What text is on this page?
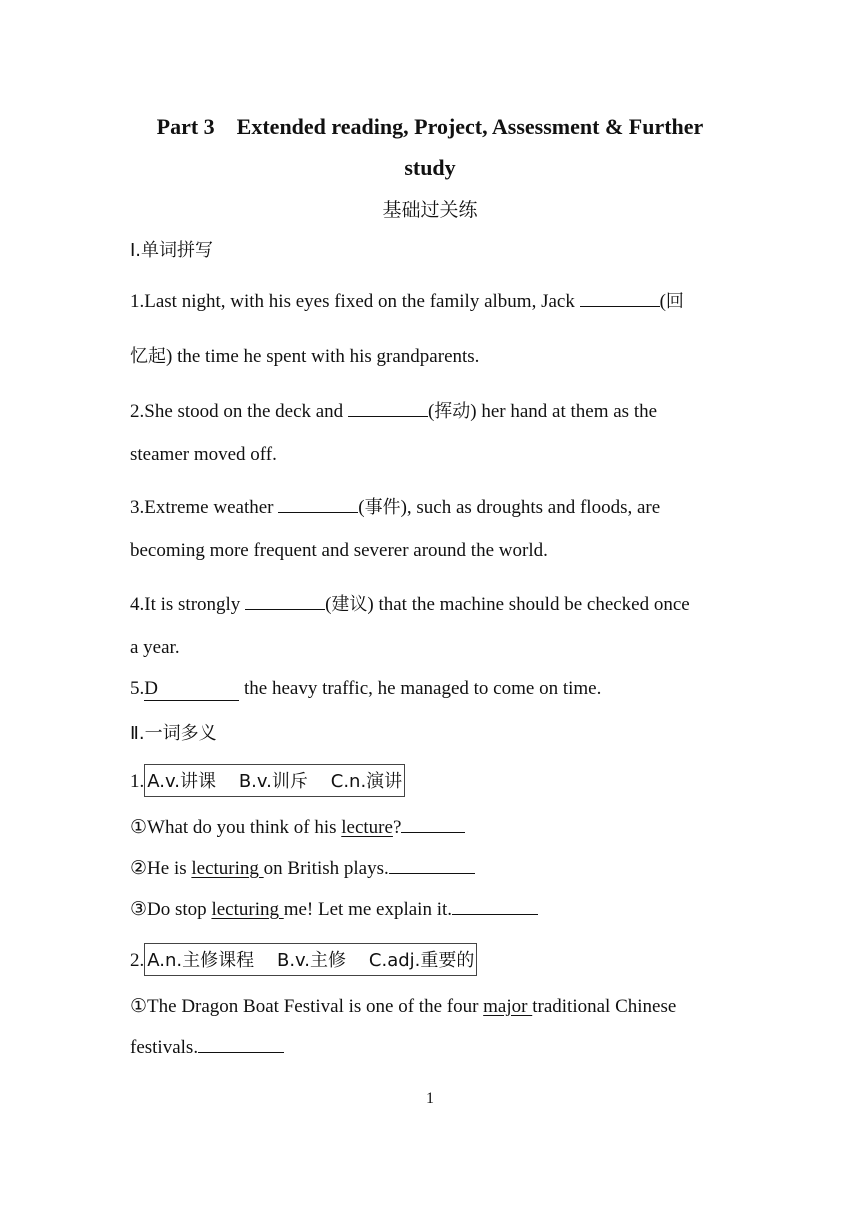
Part 3    Extended reading, Project, Assessment & Further
study
基础过关练
Ⅰ.单词拼写
1.Last night, with his eyes fixed on the family album, Jack	(回
忆起) the time he spent with his grandparents.
2.She stood on the deck and	(挥动) her hand at them as the
steamer moved off.
3.Extreme weather	(事件), such as droughts and floods, are
becoming more frequent and severer around the world.
4.It is strongly	(建议) that the machine should be checked once
a year.
5.D	the heavy traffic, he managed to come on time.
Ⅱ.一词多义
1. A.v.讲课    B.v.训斥    C.n.演讲
①What do you think of his lecture?
②He is lecturing on British plays.
③Do stop lecturing me! Let me explain it.
2. A.n.主修课程    B.v.主修    C.adj.重要的
①The Dragon Boat Festival is one of the four major traditional Chinese
festivals.
1
